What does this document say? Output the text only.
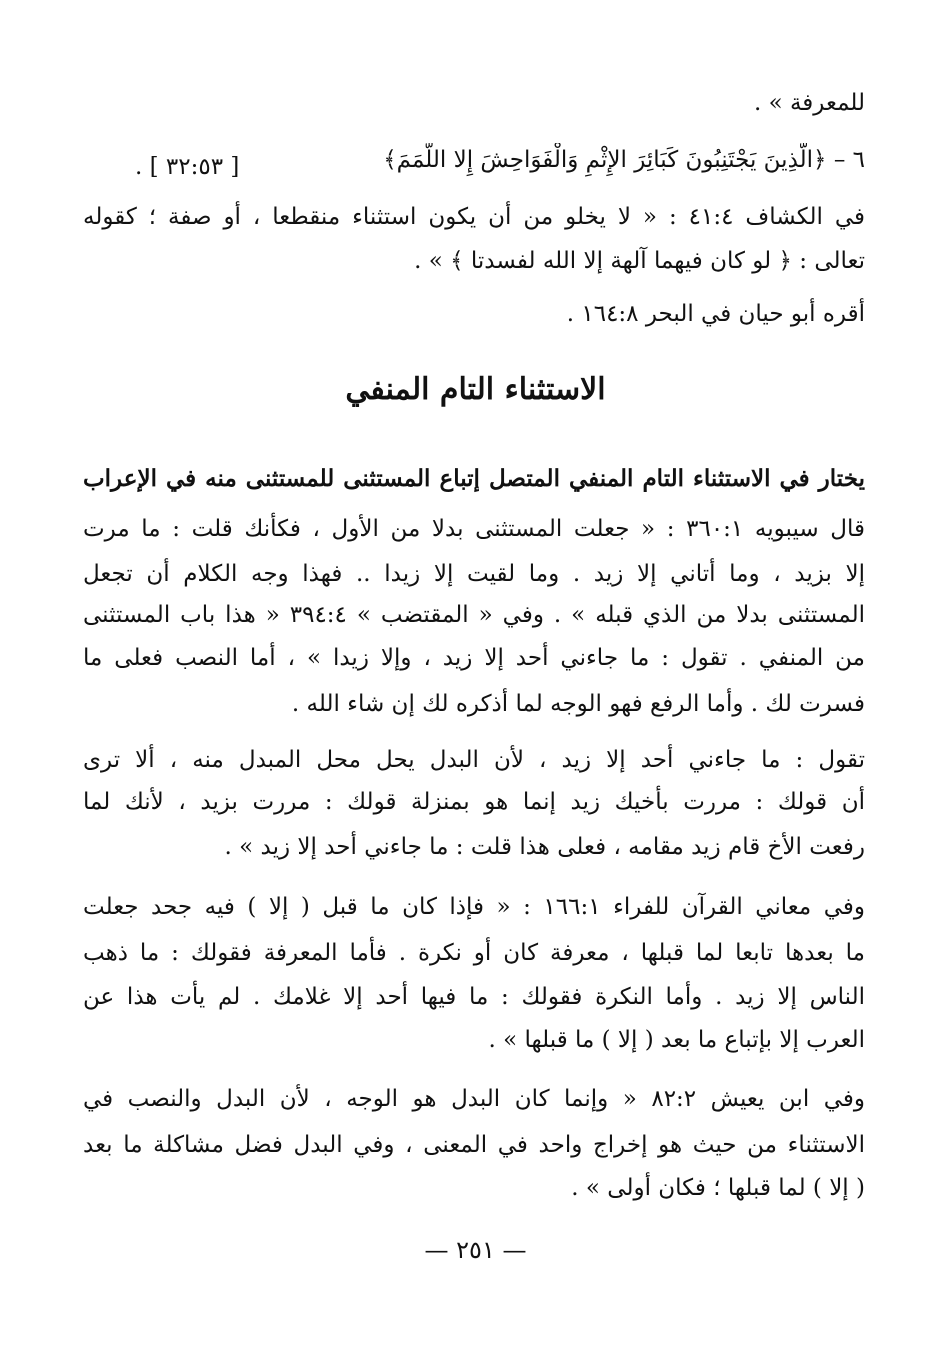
للمعرفة » .

٦ – ﴿الَّذِينَ يَجْتَنِبُونَ كَبَائِرَ الإِثْمِ وَالْفَوَاحِشَ إِلا اللَّمَمَ﴾

[ ٣٢:٥٣ ] .

في الكشاف ٤١:٤ : « لا يخلو من أن يكون استثناء منقطعا ، أو صفة ؛ كقوله

تعالى : ﴿ لو كان فيهما آلهة إلا الله لفسدتا ﴾ » .

أقره أبو حيان في البحر ١٦٤:٨ .

الاستثناء التام المنفي

يختار في الاستثناء التام المنفي المتصل إتباع المستثنى للمستثنى منه في الإعراب

قال سيبويه ٣٦٠:١ : « جعلت المستثنى بدلا من الأول ، فكأنك قلت : ما مرت

إلا بزيد ، وما أتاني إلا زيد . وما لقيت إلا زيدا .. فهذا وجه الكلام أن تجعل

المستثنى بدلا من الذي قبله » . وفي « المقتضب » ٣٩٤:٤ « هذا باب المستثنى

من المنفي . تقول : ما جاءني أحد إلا زيد ، وإلا زيدا » ، أما النصب فعلى ما

فسرت لك . وأما الرفع فهو الوجه لما أذكره لك إن شاء الله .

تقول : ما جاءني أحد إلا زيد ، لأن البدل يحل محل المبدل منه ، ألا ترى

أن قولك : مررت بأخيك زيد إنما هو بمنزلة قولك : مررت بزيد ، لأنك لما

رفعت الأخ قام زيد مقامه ، فعلى هذا قلت : ما جاءني أحد إلا زيد » .

وفي معاني القرآن للفراء ١٦٦:١ : « فإذا كان ما قبل ( إلا ) فيه جحد جعلت

ما بعدها تابعا لما قبلها ، معرفة كان أو نكرة . فأما المعرفة فقولك : ما ذهب

الناس إلا زيد . وأما النكرة فقولك : ما فيها أحد إلا غلامك . لم يأت هذا عن

العرب إلا بإتباع ما بعد ( إلا ) ما قبلها » .

وفي ابن يعيش ٨٢:٢ « وإنما كان البدل هو الوجه ، لأن البدل والنصب في

الاستثناء من حيث هو إخراج واحد في المعنى ، وفي البدل فضل مشاكلة ما بعد

( إلا ) لما قبلها ؛ فكان أولى » .

— ٢٥١ —
